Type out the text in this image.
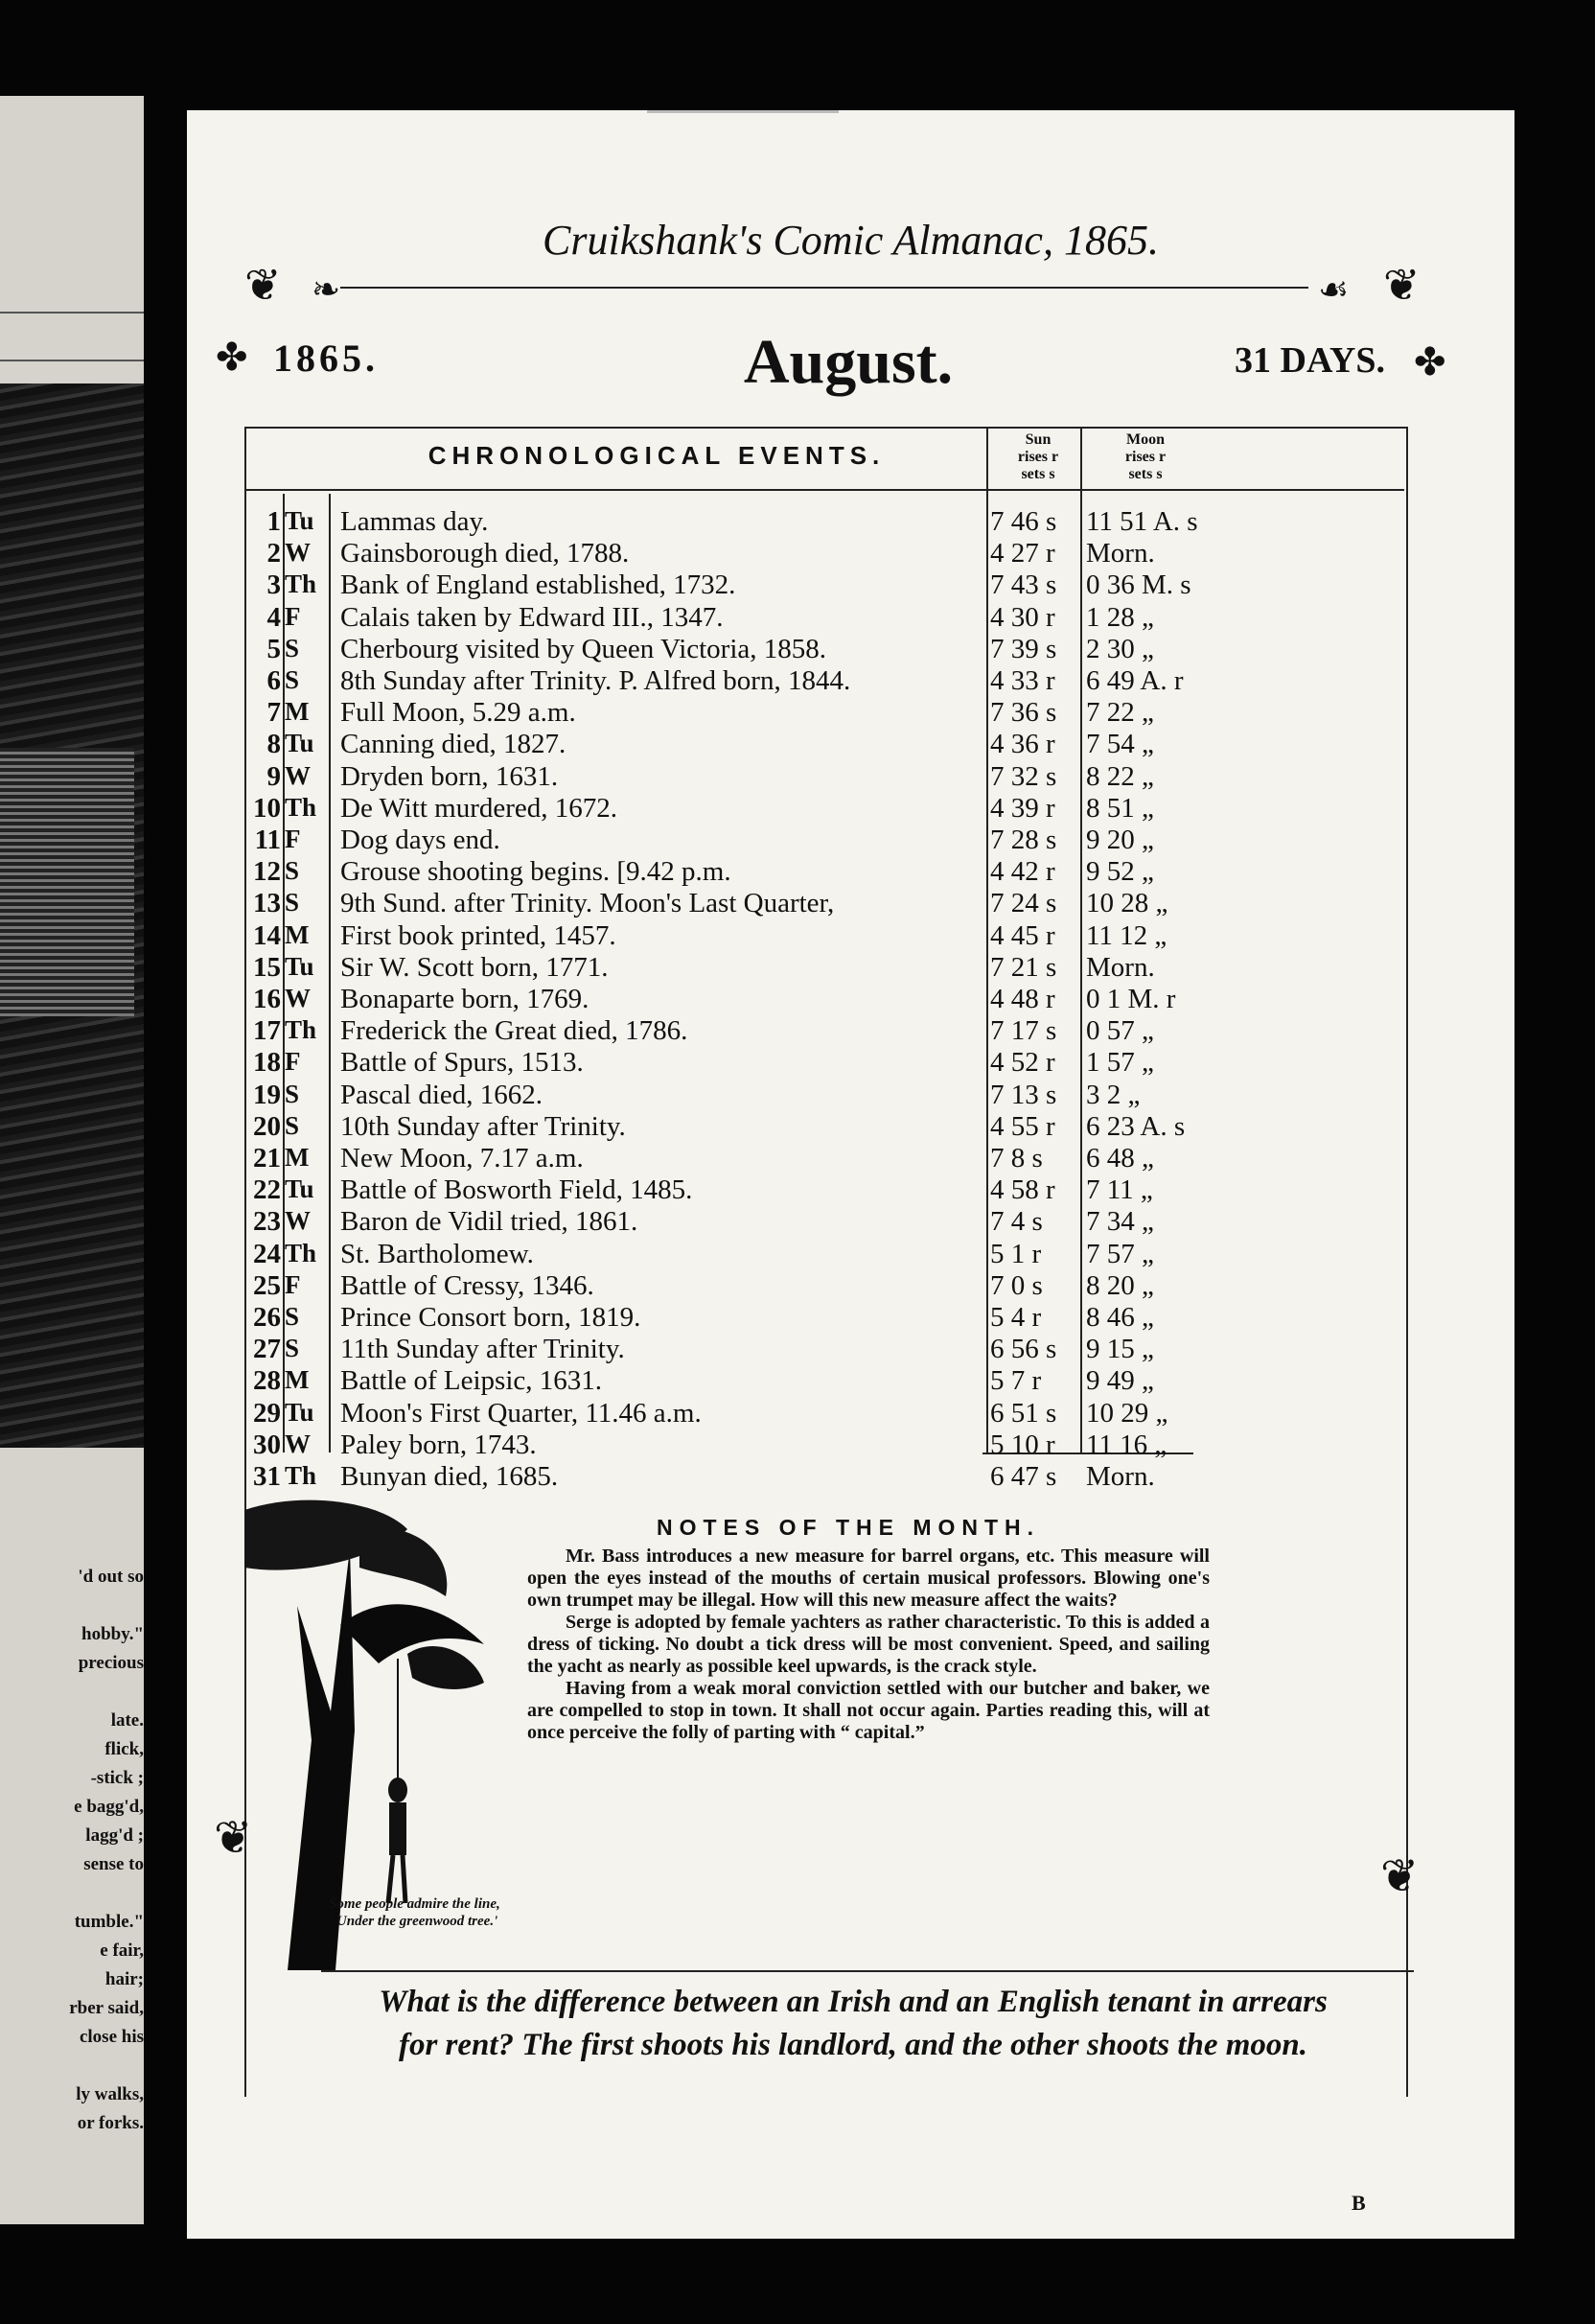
'd out so
hobby."
precious
late.
flick,
-stick ;
e bagg'd,
lagg'd ;
sense to
tumble."
e fair,
hair;
rber said,
close his
ly walks,
or forks.
Cruikshank's Comic Almanac, 1865.
❦ ❧	☙ ❦
✤	✤
1865.	August.	31 DAYS.
CHRONOLOGICAL EVENTS.
Sun
rises r
sets s
Moon
rises r
sets s
1 Tu Lammas day.	7 46 s	11 51 A. s
2 W	Gainsborough died, 1788.	4 27 r	Morn.
3 Th Bank of England established, 1732.	7 43 s	0 36 M. s
4 F	Calais taken by Edward III., 1347.	4 30 r	1 28 „
5 S	Cherbourg visited by Queen Victoria, 1858.	7 39 s	2 30 „
6 S	8th Sunday after Trinity. P. Alfred born, 1844.	4 33 r	6 49 A. r
7 M	Full Moon, 5.29 a.m.	7 36 s	7 22 „
8 Tu Canning died, 1827.	4 36 r	7 54 „
9 W	Dryden born, 1631.	7 32 s	8 22 „
10 Th De Witt murdered, 1672.	4 39 r	8 51 „
11 F	Dog days end.	7 28 s	9 20 „
12 S	Grouse shooting begins. [9.42 p.m.	4 42 r	9 52 „
13 S	9th Sund. after Trinity. Moon's Last Quarter,	7 24 s	10 28 „
14 M	First book printed, 1457.	4 45 r	11 12 „
15 Tu Sir W. Scott born, 1771.	7 21 s	Morn.
16 W	Bonaparte born, 1769.	4 48 r	0 1 M. r
17 Th Frederick the Great died, 1786.	7 17 s	0 57 „
18 F	Battle of Spurs, 1513.	4 52 r	1 57 „
19 S	Pascal died, 1662.	7 13 s	3 2 „
20 S	10th Sunday after Trinity.	4 55 r	6 23 A. s
21 M	New Moon, 7.17 a.m.	7 8 s	6 48 „
22 Tu Battle of Bosworth Field, 1485.	4 58 r	7 11 „
23 W	Baron de Vidil tried, 1861.	7 4 s	7 34 „
24 Th St. Bartholomew.	5 1 r	7 57 „
25 F	Battle of Cressy, 1346.	7 0 s	8 20 „
26 S	Prince Consort born, 1819.	5 4 r	8 46 „
27 S	11th Sunday after Trinity.	6 56 s	9 15 „
28 M	Battle of Leipsic, 1631.	5 7 r	9 49 „
29 Tu Moon's First Quarter, 11.46 a.m.	6 51 s	10 29 „
30 W	Paley born, 1743.	5 10 r	11 16 „
31 Th Bunyan died, 1685.	6 47 s	Morn.
❦
❦
Some people admire the line,
' Under the greenwood tree.'
NOTES OF THE MONTH.

Mr. Bass introduces a new measure for barrel organs, etc. This measure will open the eyes instead of the mouths of certain musical professors. Blowing one's own trumpet may be illegal. How will this new measure affect the waits?

Serge is adopted by female yachters as rather characteristic. To this is added a dress of ticking. No doubt a tick dress will be most convenient. Speed, and sailing the yacht as nearly as possible keel upwards, is the crack style.

Having from a weak moral conviction settled with our butcher and baker, we are compelled to stop in town. It shall not occur again. Parties reading this, will at once perceive the folly of parting with “ capital.”

What is the difference between an Irish and an English tenant in arrears
for rent? The first shoots his landlord, and the other shoots the moon.
B
